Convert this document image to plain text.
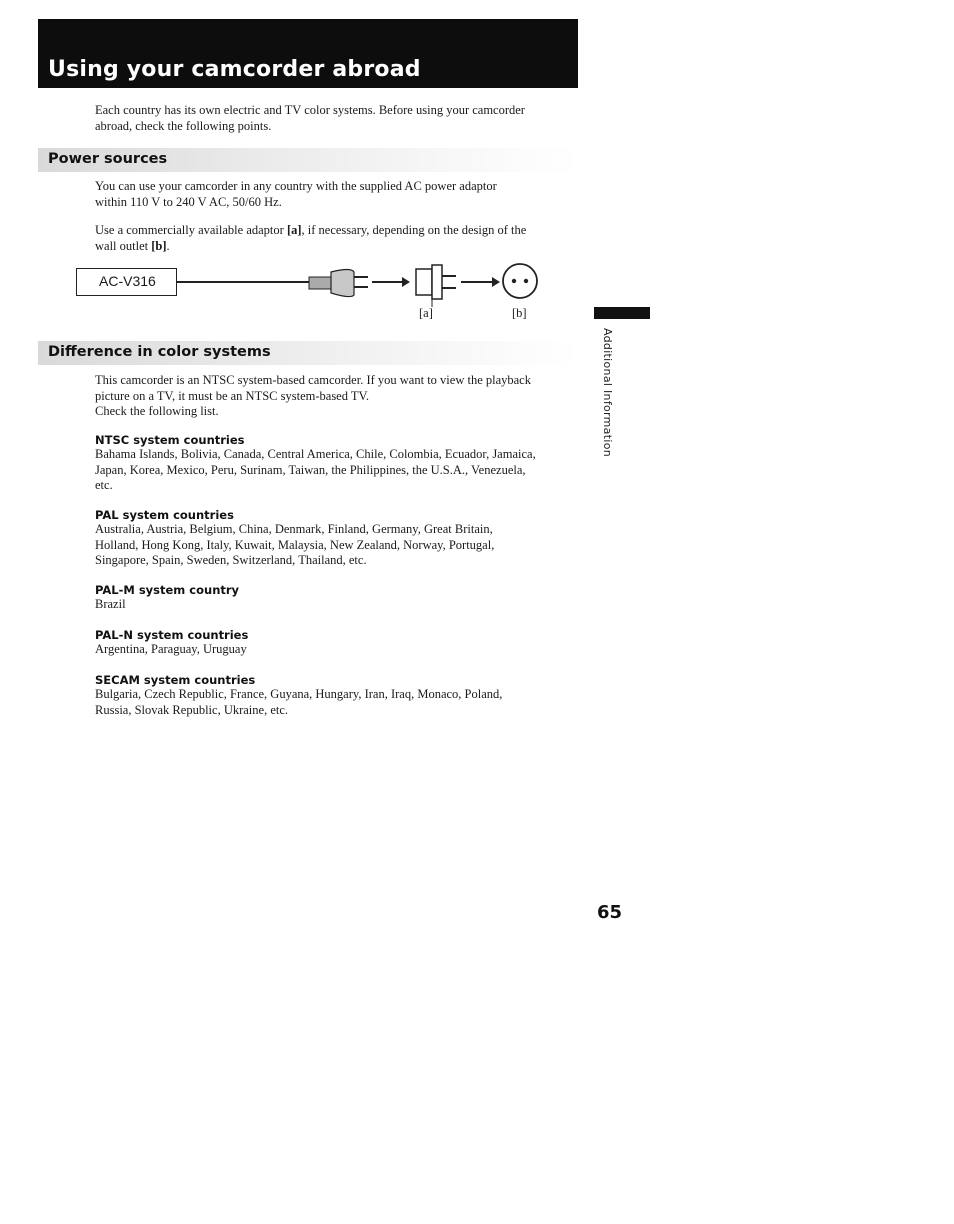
Using your camcorder abroad
Each country has its own electric and TV color systems. Before using your camcorder
abroad, check the following points.
Power sources
You can use your camcorder in any country with the supplied AC power adaptor
within 110 V to 240 V AC, 50/60 Hz.
Use a commercially available adaptor [a], if necessary, depending on the design of the
wall outlet [b].
AC-V316
[a]	[b]
Difference in color systems
This camcorder is an NTSC system-based camcorder. If you want to view the playback
picture on a TV, it must be an NTSC system-based TV.
Check the following list.
NTSC system countries
Bahama Islands, Bolivia, Canada, Central America, Chile, Colombia, Ecuador, Jamaica,
Japan, Korea, Mexico, Peru, Surinam, Taiwan, the Philippines, the U.S.A., Venezuela,
etc.
PAL system countries
Australia, Austria, Belgium, China, Denmark, Finland, Germany, Great Britain,
Holland, Hong Kong, Italy, Kuwait, Malaysia, New Zealand, Norway, Portugal,
Singapore, Spain, Sweden, Switzerland, Thailand, etc.
PAL-M system country
Brazil
PAL-N system countries
Argentina, Paraguay, Uruguay
SECAM system countries
Bulgaria, Czech Republic, France, Guyana, Hungary, Iran, Iraq, Monaco, Poland,
Russia, Slovak Republic, Ukraine, etc.
Additional Information
65
